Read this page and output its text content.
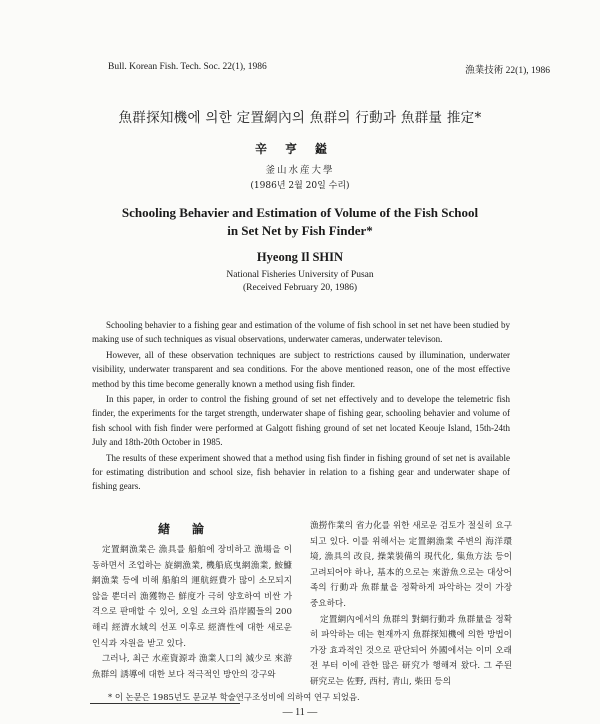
Bull. Korean Fish. Tech. Soc. 22(1), 1986	漁業技術 22(1), 1986
魚群探知機에 의한 定置網內의 魚群의 行動과 魚群量 推定*
辛亨鎰
釜山水産大學
(1986년 2월 20일 수리)
Schooling Behavier and Estimation of Volume of the Fish School
in Set Net by Fish Finder*
Hyeong Il SHIN
National Fisheries University of Pusan
(Received February 20, 1986)

Schooling behavier to a fishing gear and estimation of the volume of fish school in set net have been studied by making use of such techniques as visual observations, underwater cameras, underwater televison.

However, all of these observation techniques are subject to restrictions caused by illumination, underwater visibility, underwater transparent and sea conditions. For the above mentioned reason, one of the most effective method by this time become generally known a method using fish finder.

In this paper, in order to control the fishing ground of set net effectively and to develope the telemetric fish finder, the experiments for the target strength, underwater shape of fishing gear, schooling behavier and volume of fish school with fish finder were performed at Galgott fishing ground of set net located Keouje Island, 15th-24th July and 18th-20th October in 1985.

The results of these experiment showed that a method using fish finder in fishing ground of set net is available for estimating distribution and school size, fish behavier in relation to a fishing gear and underwater shape of fishing gears.

緖論

定置網漁業은 漁具를 船舶에 장비하고 漁場을 이동하면서 조업하는 旋網漁業, 機船底曳網漁業, 鮟鱇網漁業 등에 비해 船舶의 運航經費가 많이 소모되지 않을 뿐더러 漁獲物은 鮮度가 극히 양호하여 비싼 가격으로 판매할 수 있어, 오일 쇼크와 沿岸國들의 200해리 經濟水域의 선포 이후로 經濟性에 대한 새로운 인식과 자원을 받고 있다.

그러나, 최근 水産資源과 漁業人口의 減少로 來游魚群의 誘導에 대한 보다 적극적인 방안의 강구와

漁撈作業의 省力化를 위한 새로운 검토가 절실히 요구되고 있다. 이를 위해서는 定置網漁業 주변의 海洋環境, 漁具의 改良, 操業裝備의 現代化, 集魚方法 등이 고려되어야 하나, 基本的으로는 來游魚으로는 대상어족의 行動과 魚群量을 정확하게 파악하는 것이 가장 중요하다.

定置網內에서의 魚群의 對網行動과 魚群量을 정확히 파악하는 데는 현재까지 魚群探知機에 의한 방법이 가장 효과적인 것으로 판단되어 外國에서는 이미 오래전 부터 이에 관한 많은 研究가 행해져 왔다. 그 주된 研究로는 佐野, 西村, 青山, 柴田 등의

* 이 논문은 1985년도 문교부 학술연구조성비에 의하여 연구 되었음.
— 11 —
